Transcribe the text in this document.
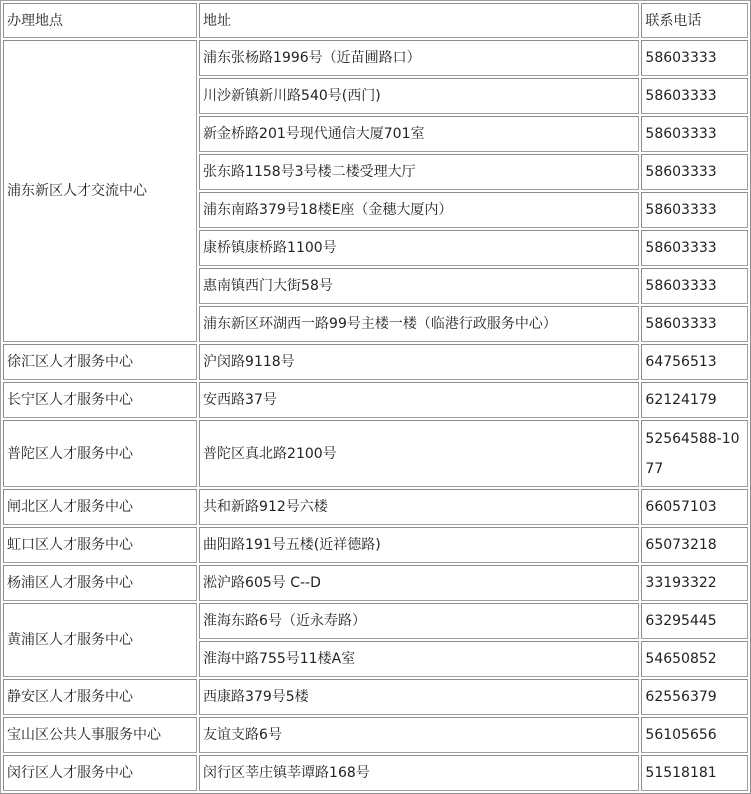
办理地点	地址	联系电话
浦东新区人才交流中心	浦东张杨路1996号（近苗圃路口）	58603333
	川沙新镇新川路540号(西门)	58603333
	新金桥路201号现代通信大厦701室	58603333
	张东路1158号3号楼二楼受理大厅	58603333
	浦东南路379号18楼E座（金穗大厦内）	58603333
	康桥镇康桥路1100号	58603333
	惠南镇西门大街58号	58603333
	浦东新区环湖西一路99号主楼一楼（临港行政服务中心）	58603333
徐汇区人才服务中心	沪闵路9118号	64756513
长宁区人才服务中心	安西路37号	62124179
普陀区人才服务中心	普陀区真北路2100号	52564588-1077
闸北区人才服务中心	共和新路912号六楼	66057103
虹口区人才服务中心	曲阳路191号五楼(近祥德路)	65073218
杨浦区人才服务中心	淞沪路605号 C--D	33193322
黄浦区人才服务中心	淮海东路6号（近永寿路）	63295445
	淮海中路755号11楼A室	54650852
静安区人才服务中心	西康路379号5楼	62556379
宝山区公共人事服务中心	友谊支路6号	56105656
闵行区人才服务中心	闵行区莘庄镇莘谭路168号	51518181
